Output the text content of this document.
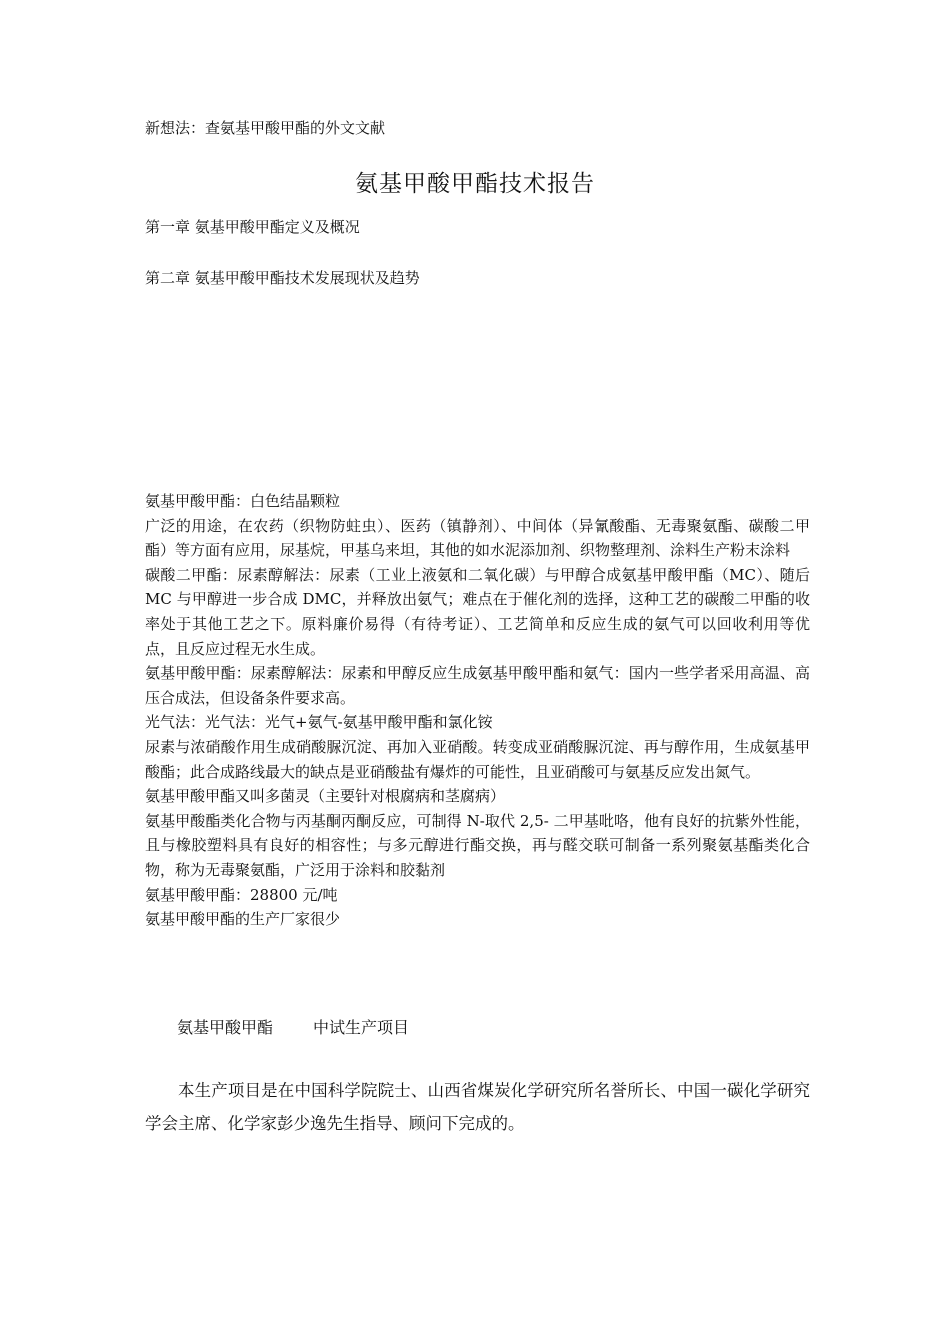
新想法：查氨基甲酸甲酯的外文文献
氨基甲酸甲酯技术报告
第一章 氨基甲酸甲酯定义及概况
第二章 氨基甲酸甲酯技术发展现状及趋势

氨基甲酸甲酯：白色结晶颗粒

广泛的用途，在农药（织物防蛀虫）、医药（镇静剂）、中间体（异氰酸酯、无毒聚氨酯、碳酸二甲酯）等方面有应用，尿基烷，甲基乌来坦，其他的如水泥添加剂、织物整理剂、涂料生产粉末涂料

碳酸二甲酯：尿素醇解法：尿素（工业上液氨和二氧化碳）与甲醇合成氨基甲酸甲酯（MC）、随后 MC 与甲醇进一步合成 DMC，并释放出氨气；难点在于催化剂的选择，这种工艺的碳酸二甲酯的收率处于其他工艺之下。原料廉价易得（有待考证）、工艺简单和反应生成的氨气可以回收利用等优点，且反应过程无水生成。

氨基甲酸甲酯：尿素醇解法：尿素和甲醇反应生成氨基甲酸甲酯和氨气：国内一些学者采用高温、高压合成法，但设备条件要求高。

光气法：光气法：光气+氨气-氨基甲酸甲酯和氯化铵

尿素与浓硝酸作用生成硝酸脲沉淀、再加入亚硝酸。转变成亚硝酸脲沉淀、再与醇作用，生成氨基甲酸酯；此合成路线最大的缺点是亚硝酸盐有爆炸的可能性，且亚硝酸可与氨基反应发出氮气。

氨基甲酸甲酯又叫多菌灵（主要针对根腐病和茎腐病）

氨基甲酸酯类化合物与丙基酮丙酮反应，可制得 N-取代 2,5- 二甲基吡咯，他有良好的抗紫外性能，且与橡胶塑料具有良好的相容性；与多元醇进行酯交换，再与醛交联可制备一系列聚氨基酯类化合物，称为无毒聚氨酯，广泛用于涂料和胶黏剂

氨基甲酸甲酯：28800 元/吨

氨基甲酸甲酯的生产厂家很少

氨基甲酸甲酯	中试生产项目

本生产项目是在中国科学院院士、山西省煤炭化学研究所名誉所长、中国一碳化学研究学会主席、化学家彭少逸先生指导、顾问下完成的。
